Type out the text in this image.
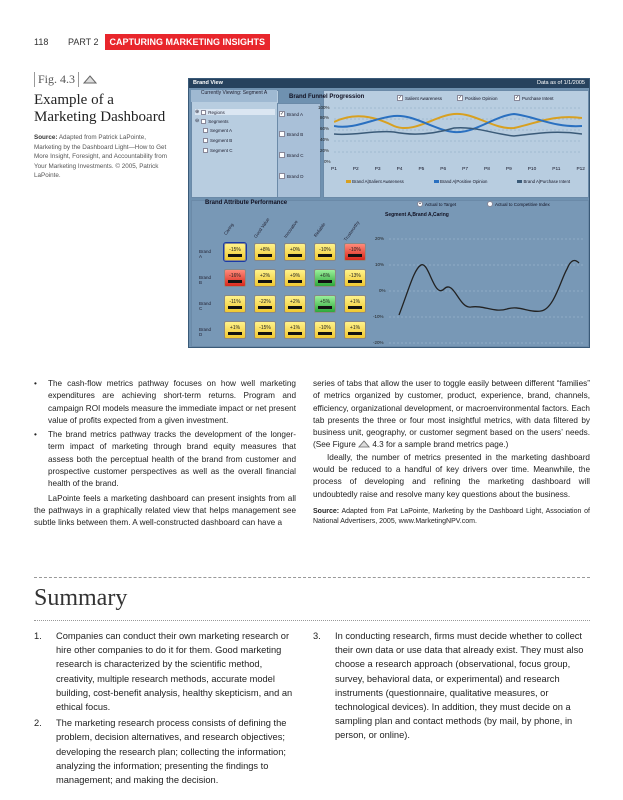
118	PART 2	CAPTURING MARKETING INSIGHTS
Fig. 4.3
Example of a Marketing Dashboard
Source: Adapted from Patrick LaPointe, Marketing by the Dashboard Light—How to Get More Insight, Foresight, and Accountability from Your Marketing Investments. © 2005, Patrick LaPointe.
Brand View	Data as of 1/1/2005
Currently Viewing: Segment A
⊕ Regions
⊖ Segments
Segment A
Segment B
Segment C
✓ Brand A
Brand B
Brand C
Brand D
Brand Funnel Progression	✓ Salient Awareness	✓ Positive Opinion	✓ Purchase Intent
100%
80%
60%
40%
20%
0%
P1	P2	P3	P4	P5	P6	P7	P8	P9	P10	P11	P12
Brand A|Salient Awareness	Brand A|Positive Opinion	Brand A|Purchase Intent
Brand Attribute Performance	• Actual to Target	Actual to Competitive Index
Caring	Good Value	Innovative	Reliable	Trustworthy
Brand A
-15%	+8%	+0%	-10%	-10%
Brand B
-16%	+2%	+9%	+6%	-13%
Brand C
-11%	-22%	+2%	+5%	+1%
Brand D
+1%	-15%	+1%	-10%	+1%
Segment A,Brand A,Caring
20%
10%
0%
-10%
-20%

• The cash-flow metrics pathway focuses on how well marketing expenditures are achieving short-term returns. Program and campaign ROI models measure the immediate impact or net present value of profits expected from a given investment.

• The brand metrics pathway tracks the development of the longer-term impact of marketing through brand equity measures that assess both the perceptual health of the brand from customer and prospective customer perspectives as well as the overall financial health of the brand.

LaPointe feels a marketing dashboard can present insights from all the pathways in a graphically related view that helps management see subtle links between them. A well-constructed dashboard can have a

series of tabs that allow the user to toggle easily between different “families” of metrics organized by customer, product, experience, brand, channels, efficiency, organizational development, or macroenvironmental factors. Each tab presents the three or four most insightful metrics, with data filtered by business unit, geography, or customer segment based on the users’ needs. (See Figure 4.3 for a sample brand metrics page.)

Ideally, the number of metrics presented in the marketing dashboard would be reduced to a handful of key drivers over time. Meanwhile, the process of developing and refining the marketing dashboard will undoubtedly raise and resolve many key questions about the business.

Source: Adapted from Pat LaPointe, Marketing by the Dashboard Light, Association of National Advertisers, 2005, www.MarketingNPV.com.

Summary
1. Companies can conduct their own marketing research or hire other companies to do it for them. Good marketing research is characterized by the scientific method, creativity, multiple research methods, accurate model building, cost-benefit analysis, healthy skepticism, and an ethical focus.
2. The marketing research process consists of defining the problem, decision alternatives, and research objectives; developing the research plan; collecting the information; analyzing the information; presenting the findings to management; and making the decision.
3. In conducting research, firms must decide whether to collect their own data or use data that already exist. They must also choose a research approach (observational, focus group, survey, behavioral data, or experimental) and research instruments (questionnaire, qualitative measures, or technological devices). In addition, they must decide on a sampling plan and contact methods (by mail, by phone, in person, or online).
